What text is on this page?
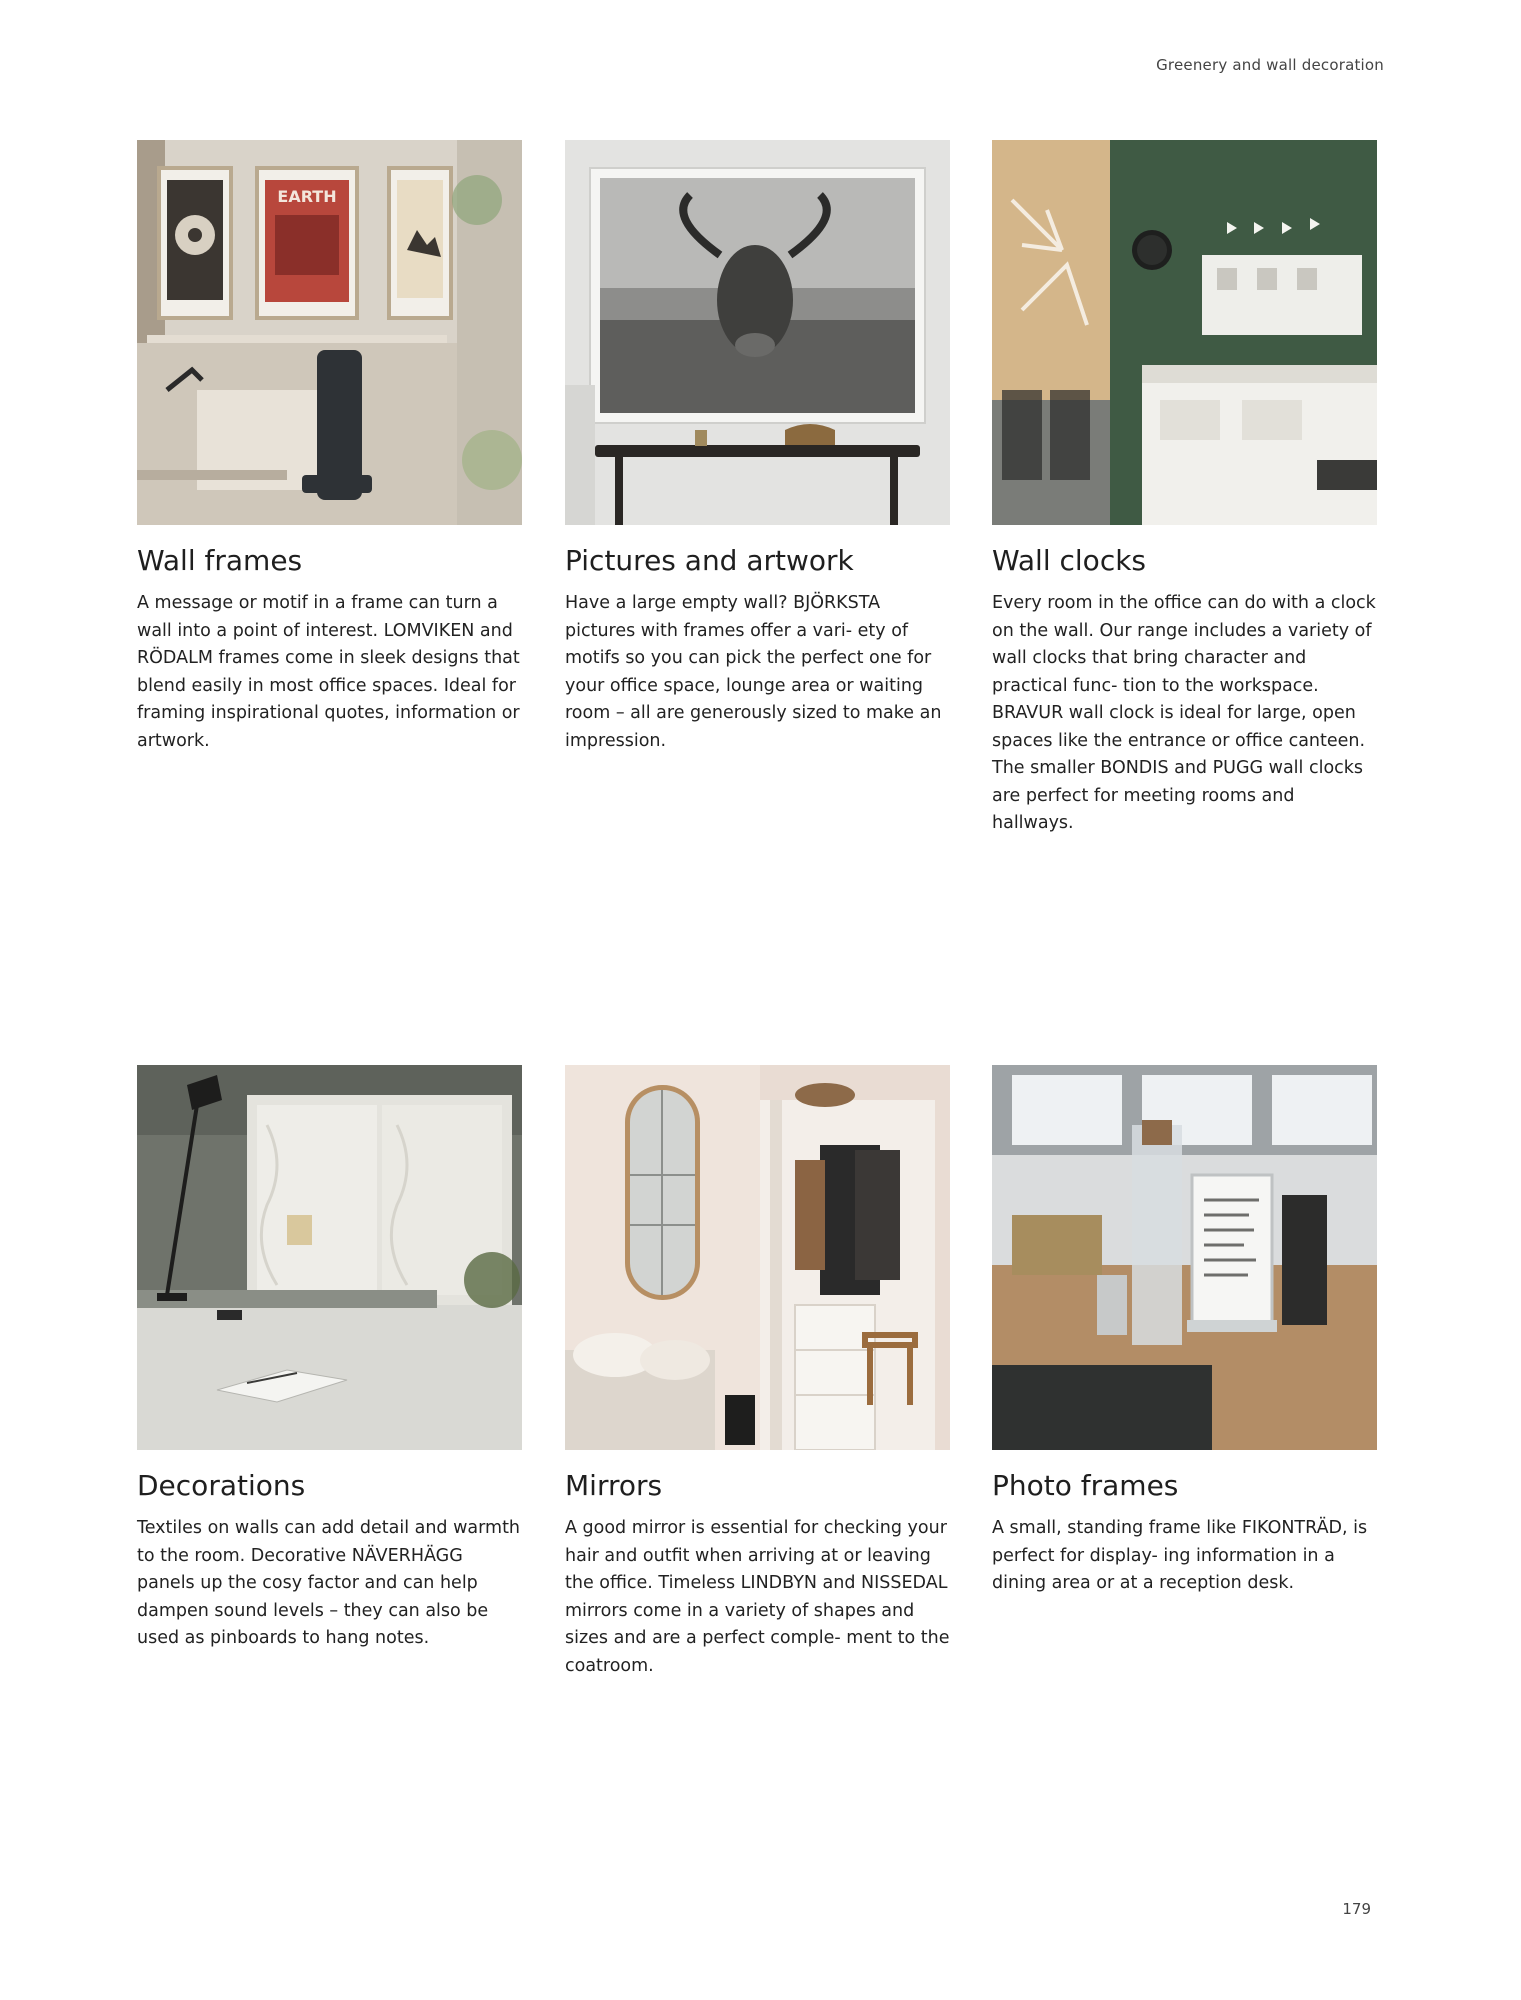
Greenery and wall decoration
EARTH
Wall frames

A message or motif in a frame can turn a wall into a point of interest. LOMVIKEN and RÖDALM frames come in sleek designs that blend easily in most office spaces. Ideal for framing inspirational quotes, information or artwork.

Pictures and artwork

Have a large empty wall? BJÖRKSTA pictures with frames offer a vari- ety of motifs so you can pick the perfect one for your office space, lounge area or waiting room – all are generously sized to make an impression.

Wall clocks

Every room in the office can do with a clock on the wall. Our range includes a variety of wall clocks that bring character and practical func- tion to the workspace. BRAVUR wall clock is ideal for large, open spaces like the entrance or office canteen. The smaller BONDIS and PUGG wall clocks are perfect for meeting rooms and hallways.

Decorations

Textiles on walls can add detail and warmth to the room. Decorative NÄVERHÄGG panels up the cosy factor and can help dampen sound levels – they can also be used as pinboards to hang notes.

Mirrors

A good mirror is essential for checking your hair and outfit when arriving at or leaving the office. Timeless LINDBYN and NISSEDAL mirrors come in a variety of shapes and sizes and are a perfect comple- ment to the coatroom.

Photo frames

A small, standing frame like FIKONTRÄD, is perfect for display- ing information in a dining area or at a reception desk.

179
